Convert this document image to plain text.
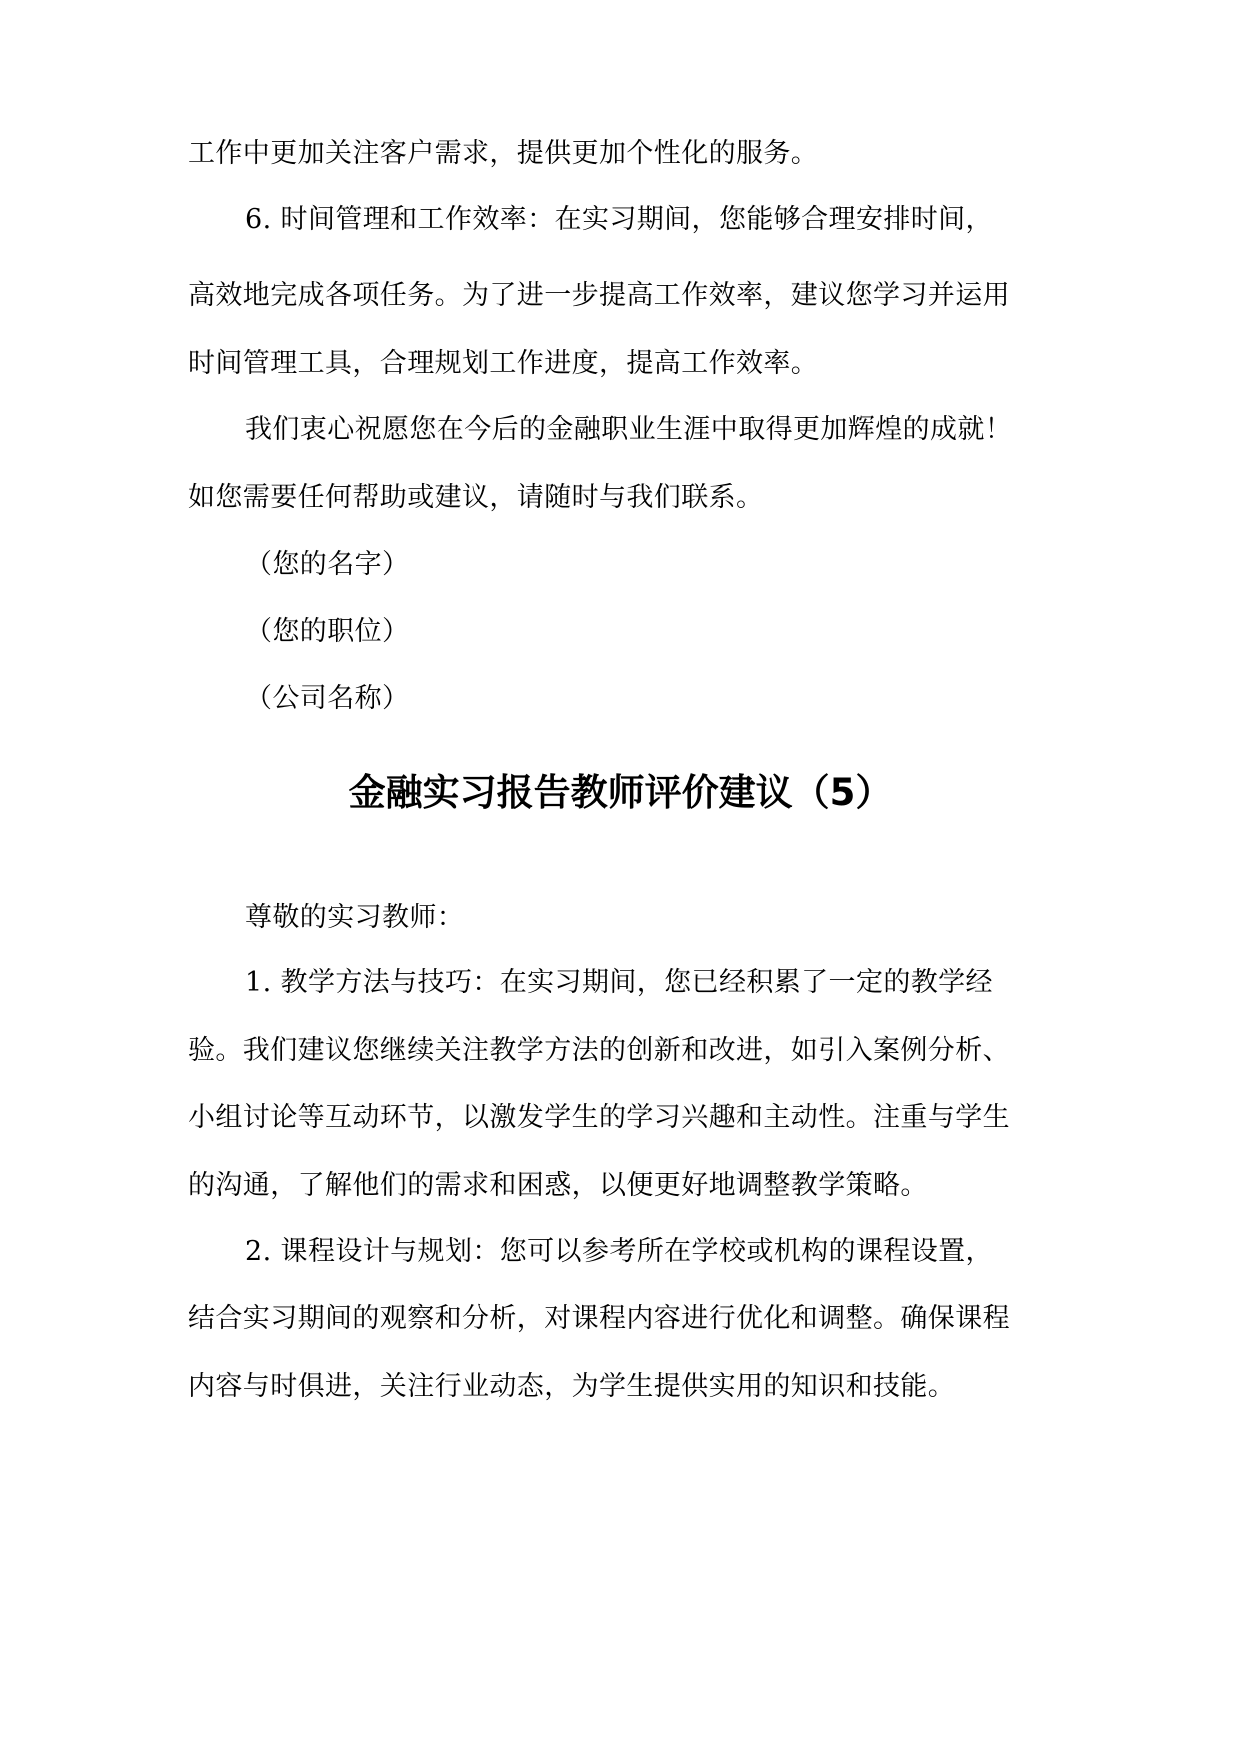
工作中更加关注客户需求，提供更加个性化的服务。
6. 时间管理和工作效率：在实习期间，您能够合理安排时间，
高效地完成各项任务。为了进一步提高工作效率，建议您学习并运用
时间管理工具，合理规划工作进度，提高工作效率。
我们衷心祝愿您在今后的金融职业生涯中取得更加辉煌的成就！
如您需要任何帮助或建议，请随时与我们联系。
（您的名字）
（您的职位）
（公司名称）
金融实习报告教师评价建议（5）
尊敬的实习教师：
1. 教学方法与技巧：在实习期间，您已经积累了一定的教学经
验。我们建议您继续关注教学方法的创新和改进，如引入案例分析、
小组讨论等互动环节，以激发学生的学习兴趣和主动性。注重与学生
的沟通，了解他们的需求和困惑，以便更好地调整教学策略。
2. 课程设计与规划：您可以参考所在学校或机构的课程设置，
结合实习期间的观察和分析，对课程内容进行优化和调整。确保课程
内容与时俱进，关注行业动态，为学生提供实用的知识和技能。
